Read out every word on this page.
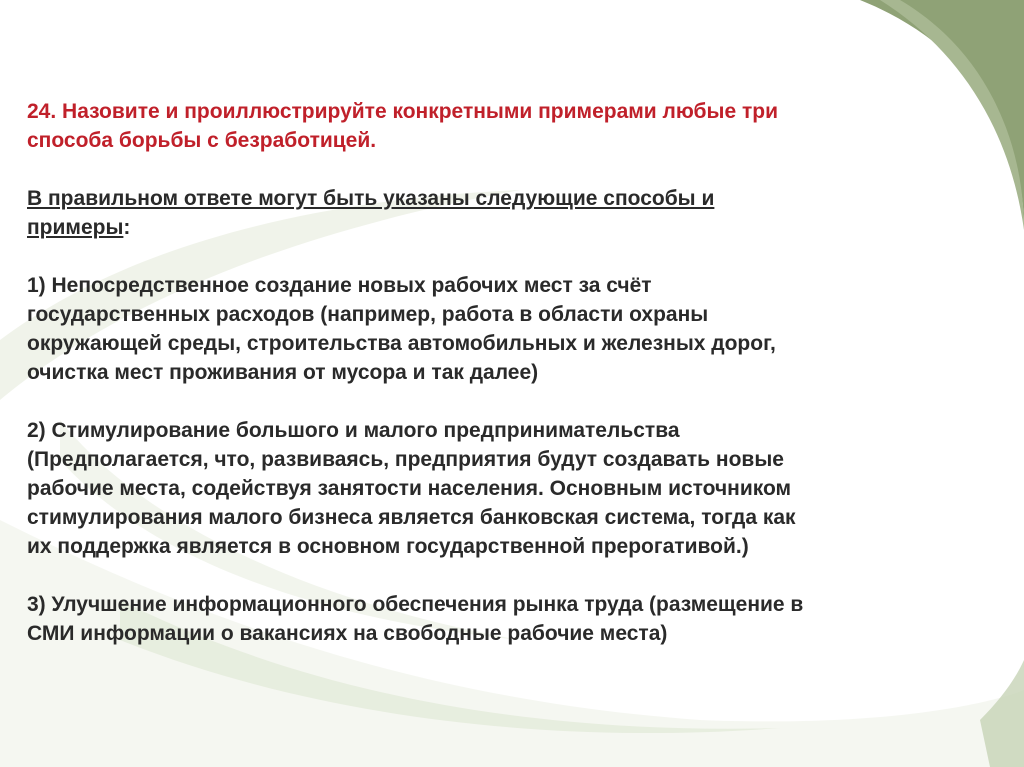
24. Назовите и проиллюстрируйте конкретными примерами любые три
способа борьбы с безработицей.

В правильном ответе могут быть указаны следующие способы и
примеры:

1) Непосредственное создание новых рабочих мест за счёт
государственных расходов (например, работа в области охраны
окружающей среды, строительства автомобильных и железных дорог,
очистка мест проживания от мусора и так далее)

2) Стимулирование большого и малого предпринимательства
(Предполагается, что, развиваясь, предприятия будут создавать новые
рабочие места, содействуя занятости населения. Основным источником
стимулирования малого бизнеса является банковская система, тогда как
их поддержка является в основном государственной прерогативой.)

3) Улучшение информационного обеспечения рынка труда (размещение в
СМИ информации о вакансиях на свободные рабочие места)
